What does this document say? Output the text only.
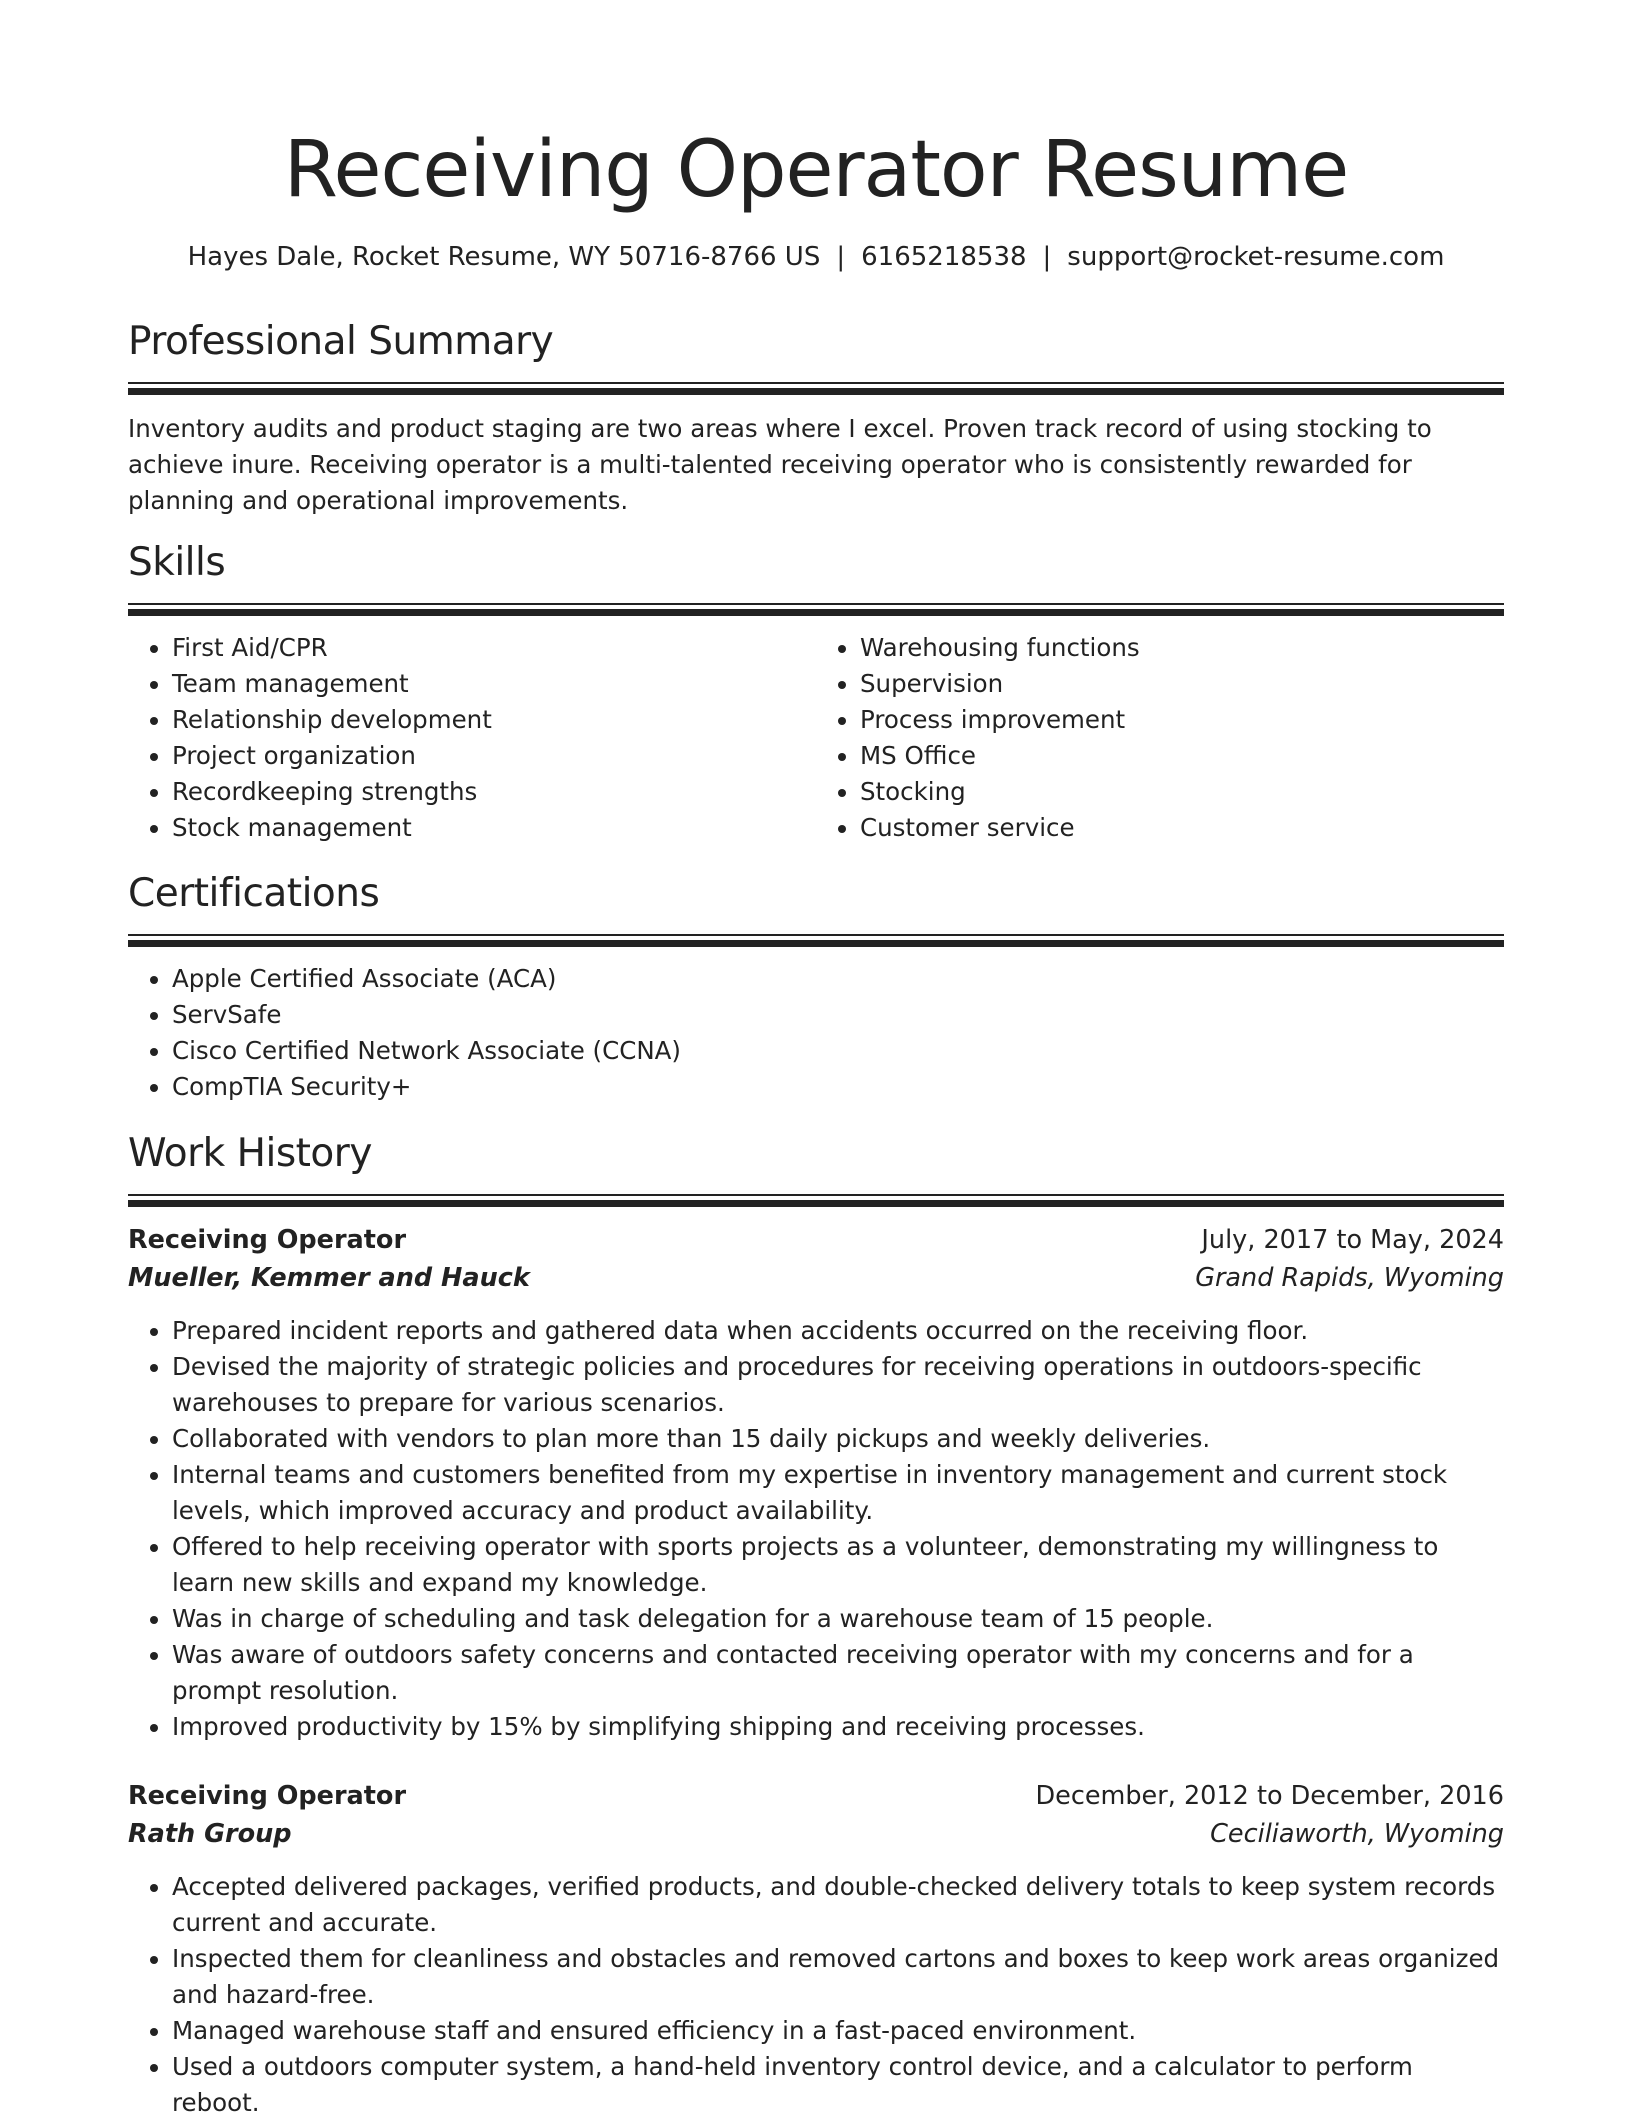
Receiving Operator Resume
Hayes Dale, Rocket Resume, WY 50716-8766 US | 6165218538 | support@rocket-resume.com
Professional Summary

Inventory audits and product staging are two areas where I excel. Proven track record of using stocking to achieve inure. Receiving operator is a multi-talented receiving operator who is consistently rewarded for planning and operational improvements.

Skills
• First Aid/CPR
• Team management
• Relationship development
• Project organization
• Recordkeeping strengths
• Stock management
• Warehousing functions
• Supervision
• Process improvement
• MS Office
• Stocking
• Customer service
Certifications
• Apple Certified Associate (ACA)
• ServSafe
• Cisco Certified Network Associate (CCNA)
• CompTIA Security+
Work History
Receiving Operator	July, 2017 to May, 2024
Mueller, Kemmer and Hauck	Grand Rapids, Wyoming
• Prepared incident reports and gathered data when accidents occurred on the receiving floor.
• Devised the majority of strategic policies and procedures for receiving operations in outdoors-specific warehouses to prepare for various scenarios.
• Collaborated with vendors to plan more than 15 daily pickups and weekly deliveries.
• Internal teams and customers benefited from my expertise in inventory management and current stock levels, which improved accuracy and product availability.
• Offered to help receiving operator with sports projects as a volunteer, demonstrating my willingness to learn new skills and expand my knowledge.
• Was in charge of scheduling and task delegation for a warehouse team of 15 people.
• Was aware of outdoors safety concerns and contacted receiving operator with my concerns and for a prompt resolution.
• Improved productivity by 15% by simplifying shipping and receiving processes.
Receiving Operator	December, 2012 to December, 2016
Rath Group	Ceciliaworth, Wyoming
• Accepted delivered packages, verified products, and double-checked delivery totals to keep system records current and accurate.
• Inspected them for cleanliness and obstacles and removed cartons and boxes to keep work areas organized and hazard-free.
• Managed warehouse staff and ensured efficiency in a fast-paced environment.
• Used a outdoors computer system, a hand-held inventory control device, and a calculator to perform reboot.
